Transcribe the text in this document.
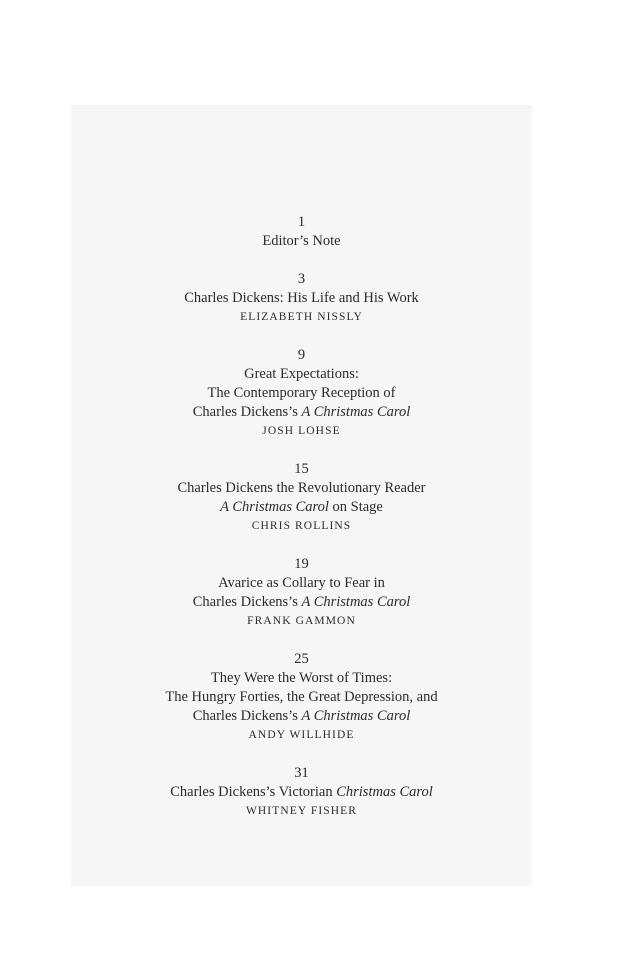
1
Editor’s Note
3
Charles Dickens: His Life and His Work
ELIZABETH NISSLY
9
Great Expectations:
The Contemporary Reception of
Charles Dickens’s A Christmas Carol
JOSH LOHSE
15
Charles Dickens the Revolutionary Reader
A Christmas Carol on Stage
CHRIS ROLLINS
19
Avarice as Collary to Fear in
Charles Dickens’s A Christmas Carol
FRANK GAMMON
25
They Were the Worst of Times:
The Hungry Forties, the Great Depression, and
Charles Dickens’s A Christmas Carol
ANDY WILLHIDE
31
Charles Dickens’s Victorian Christmas Carol
WHITNEY FISHER
